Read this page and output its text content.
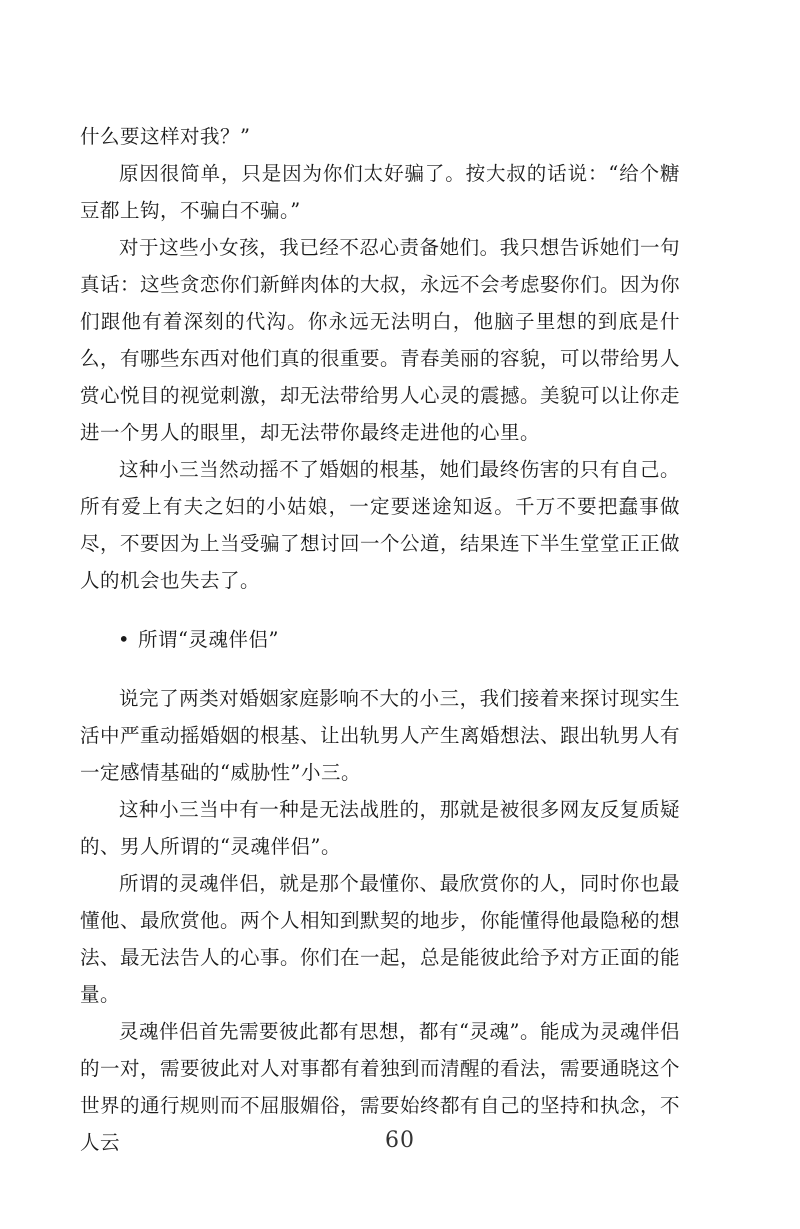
什么要这样对我？”

原因很简单，只是因为你们太好骗了。按大叔的话说：“给个糖豆都上钩，不骗白不骗。”

对于这些小女孩，我已经不忍心责备她们。我只想告诉她们一句真话：这些贪恋你们新鲜肉体的大叔，永远不会考虑娶你们。因为你们跟他有着深刻的代沟。你永远无法明白，他脑子里想的到底是什么，有哪些东西对他们真的很重要。青春美丽的容貌，可以带给男人赏心悦目的视觉刺激，却无法带给男人心灵的震撼。美貌可以让你走进一个男人的眼里，却无法带你最终走进他的心里。

这种小三当然动摇不了婚姻的根基，她们最终伤害的只有自己。所有爱上有夫之妇的小姑娘，一定要迷途知返。千万不要把蠢事做尽，不要因为上当受骗了想讨回一个公道，结果连下半生堂堂正正做人的机会也失去了。

• 所谓“灵魂伴侣”

说完了两类对婚姻家庭影响不大的小三，我们接着来探讨现实生活中严重动摇婚姻的根基、让出轨男人产生离婚想法、跟出轨男人有一定感情基础的“威胁性”小三。

这种小三当中有一种是无法战胜的，那就是被很多网友反复质疑的、男人所谓的“灵魂伴侣”。

所谓的灵魂伴侣，就是那个最懂你、最欣赏你的人，同时你也最懂他、最欣赏他。两个人相知到默契的地步，你能懂得他最隐秘的想法、最无法告人的心事。你们在一起，总是能彼此给予对方正面的能量。

灵魂伴侣首先需要彼此都有思想，都有“灵魂”。能成为灵魂伴侣的一对，需要彼此对人对事都有着独到而清醒的看法，需要通晓这个世界的通行规则而不屈服媚俗，需要始终都有自己的坚持和执念，不人云	60
